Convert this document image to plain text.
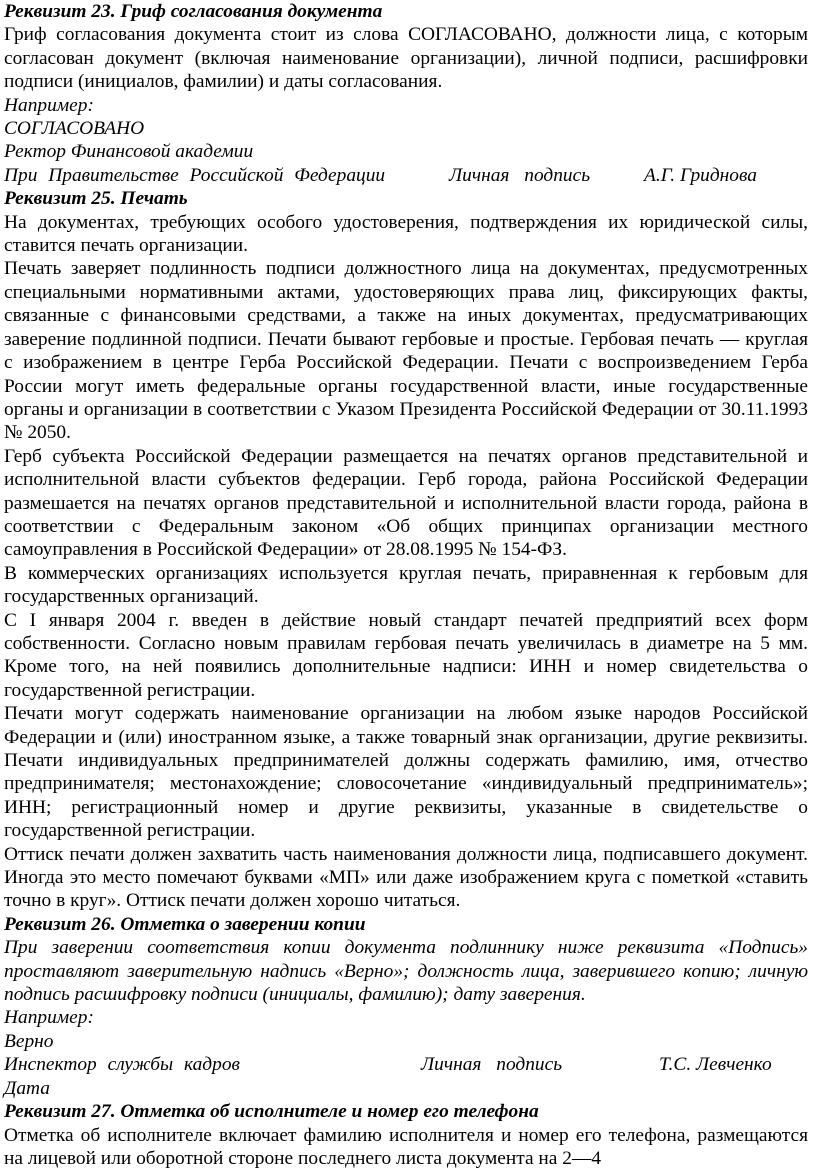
Реквизит 23. Гриф согласования документа

Гриф согласования документа стоит из слова СОГЛАСОВАНО, должности лица, с которым согласован документ (включая наименование организации), личной подписи, расшифровки подписи (инициалов, фамилии) и даты согласования.

Например:

СОГЛАСОВАНО

Ректор Финансовой академии

При Правительстве Российской Федерации	Личная подпись	А.Г. Гриднова

Реквизит 25. Печать

На документах, требующих особого удостоверения, подтверждения их юридической силы, ставится печать организации.

Печать заверяет подлинность подписи должностного лица на документах, предусмотренных специальными нормативными актами, удостоверяющих права лиц, фиксирующих факты, связанные с финансовыми средствами, а также на иных документах, предусматривающих заверение подлинной подписи. Печати бывают гербовые и простые. Гербовая печать — круглая с изображением в центре Герба Российской Федерации. Печати с воспроизведением Герба России могут иметь федеральные органы государственной власти, иные государственные органы и организации в соответствии с Указом Президента Российской Федерации от 30.11.1993 № 2050.

Герб субъекта Российской Федерации размещается на печатях органов представительной и исполнительной власти субъектов федерации. Герб города, района Российской Федерации размешается на печатях органов представительной и исполнительной власти города, района в соответствии с Федеральным законом «Об общих принципах организации местного самоуправления в Российской Федерации» от 28.08.1995 № 154-ФЗ.

В коммерческих организациях используется круглая печать, приравненная к гербовым для государственных организаций.

С I января 2004 г. введен в действие новый стандарт печатей предприятий всех форм собственности. Согласно новым правилам гербовая печать увеличилась в диаметре на 5 мм. Кроме того, на ней появились дополнительные надписи: ИНН и номер свидетельства о государственной регистрации.

Печати могут содержать наименование организации на любом языке народов Российской Федерации и (или) иностранном языке, а также товарный знак организации, другие реквизиты. Печати индивидуальных предпринимателей должны содержать фамилию, имя, отчество предпринимателя; местонахождение; словосочетание «индивидуальный предприниматель»; ИНН; регистрационный номер и другие реквизиты, указанные в свидетельстве о государственной регистрации.

Оттиск печати должен захватить часть наименования должности лица, подписавшего документ. Иногда это место помечают буквами «МП» или даже изображением круга с пометкой «ставить точно в круг». Оттиск печати должен хорошо читаться.

Реквизит 26. Отметка о заверении копии

При заверении соответствия копии документа подлиннику ниже реквизита «Подпись» проставляют заверительную надпись «Верно»; должность лица, заверившего копию; личную подпись расшифровку подписи (инициалы, фамилию); дату заверения.

Например:

Верно

Инспектор службы кадров	Личная подпись	Т.С. Левченко

Дата

Реквизит 27. Отметка об исполнителе и номер его телефона

Отметка об исполнителе включает фамилию исполнителя и номер его телефона, размещаются на лицевой или оборотной стороне последнего листа документа на 2—4
